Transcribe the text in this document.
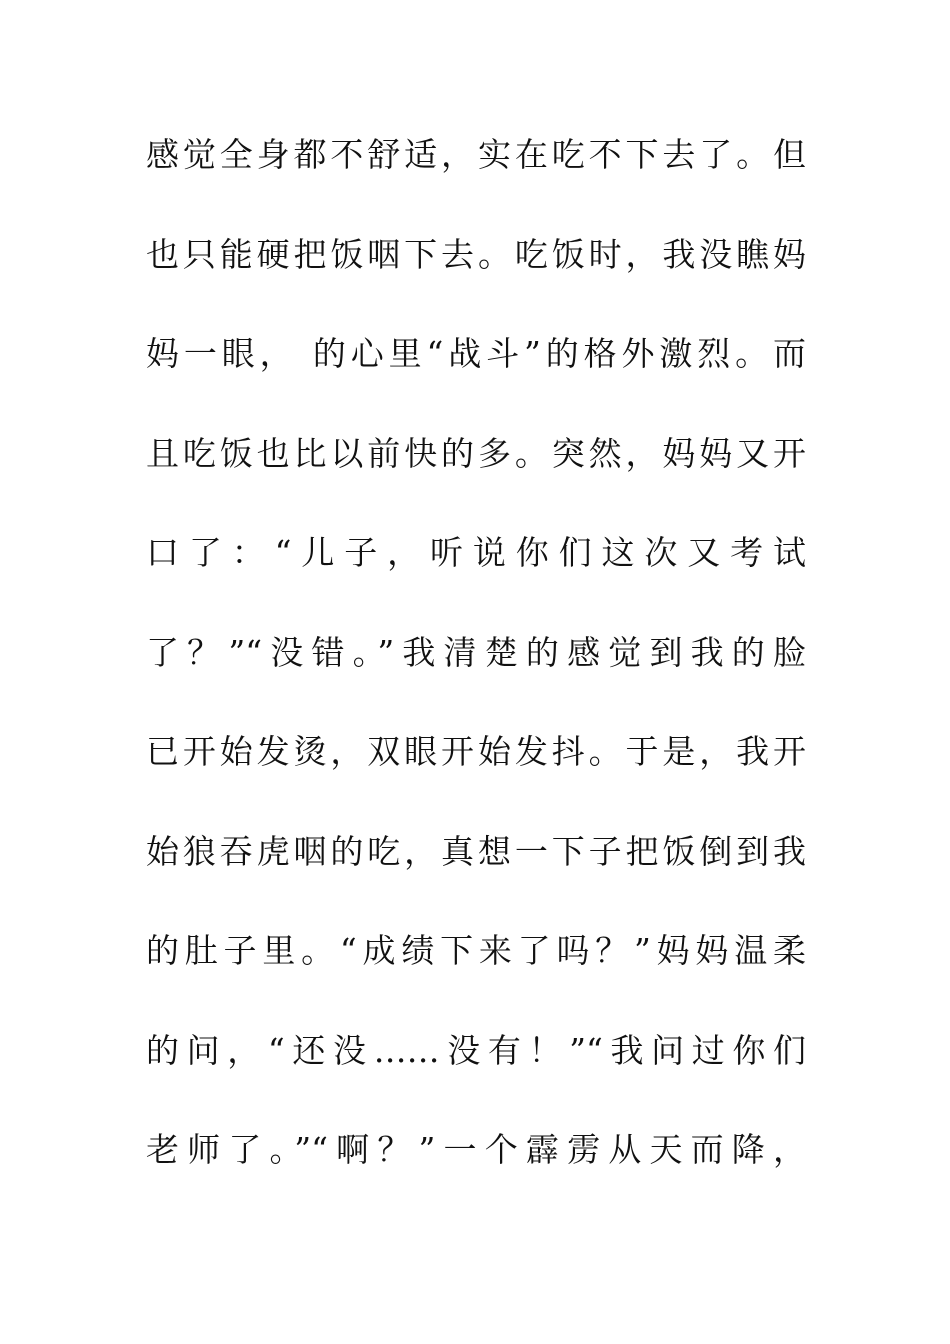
感觉全身都不舒适，实在吃不下去了。但
也只能硬把饭咽下去。吃饭时，我没瞧妈
妈一眼， 的心里“战斗”的格外激烈。而
且吃饭也比以前快的多。突然，妈妈又开
口了：“儿子，听说你们这次又考试
了？”“没错。”我清楚的感觉到我的脸
已开始发烫，双眼开始发抖。于是，我开
始狼吞虎咽的吃，真想一下子把饭倒到我
的肚子里。“成绩下来了吗？”妈妈温柔
的问，“还没……没有！”“我问过你们
老师了。”“啊？”一个霹雳从天而降，
